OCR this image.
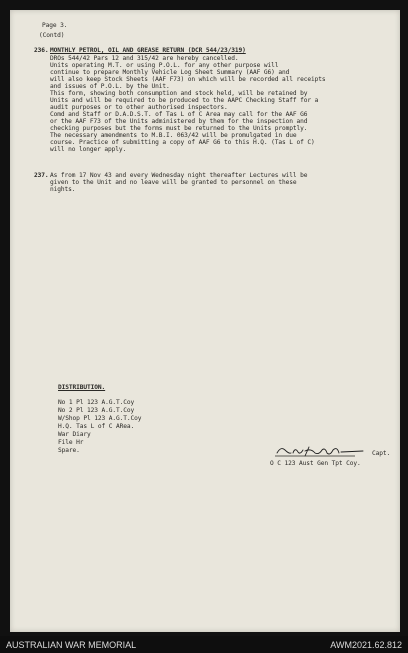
Page 3.
(Contd)
236. MONTHLY PETROL, OIL AND GREASE RETURN (DCR 544/23/319)
DROs 544/42 Pars 12 and 315/42 are hereby cancelled.
Units operating M.T. or using P.O.L. for any other purpose will
continue to prepare Monthly Vehicle Log Sheet Summary (AAF G6) and
will also keep Stock Sheets (AAF F73) on which will be recorded all receipts
and issues of P.O.L. by the Unit.
This form, showing both consumption and stock held, will be retained by
Units and will be required to be produced to the AAPC Checking Staff for a
audit purposes or to other authorised inspectors.
Comd and Staff or D.A.D.S.T. of Tas L of C Area may call for the AAF G6
or the AAF F73 of the Units administered by them for the inspection and
checking purposes but the forms must be returned to the Units promptly.
The necessary amendments to M.B.I. 063/42 will be promulgated in due
course. Practice of submitting a copy of AAF G6 to this H.Q. (Tas L of C)
will no longer apply.
237. As from 17 Nov 43 and every Wednesday night thereafter Lectures will be
given to the Unit and no leave will be granted to personnel on these
nights.
DISTRIBUTION.
No 1 Pl 123 A.G.T.Coy
No 2 Pl 123 A.G.T.Coy
W/Shop Pl 123 A.G.T.Coy
H.Q. Tas L of C ARea.
War Diary
File Hr
Spare.	Capt.
O C 123 Aust Gen Tpt Coy.
AUSTRALIAN WAR MEMORIAL	AWM2021.62.812
